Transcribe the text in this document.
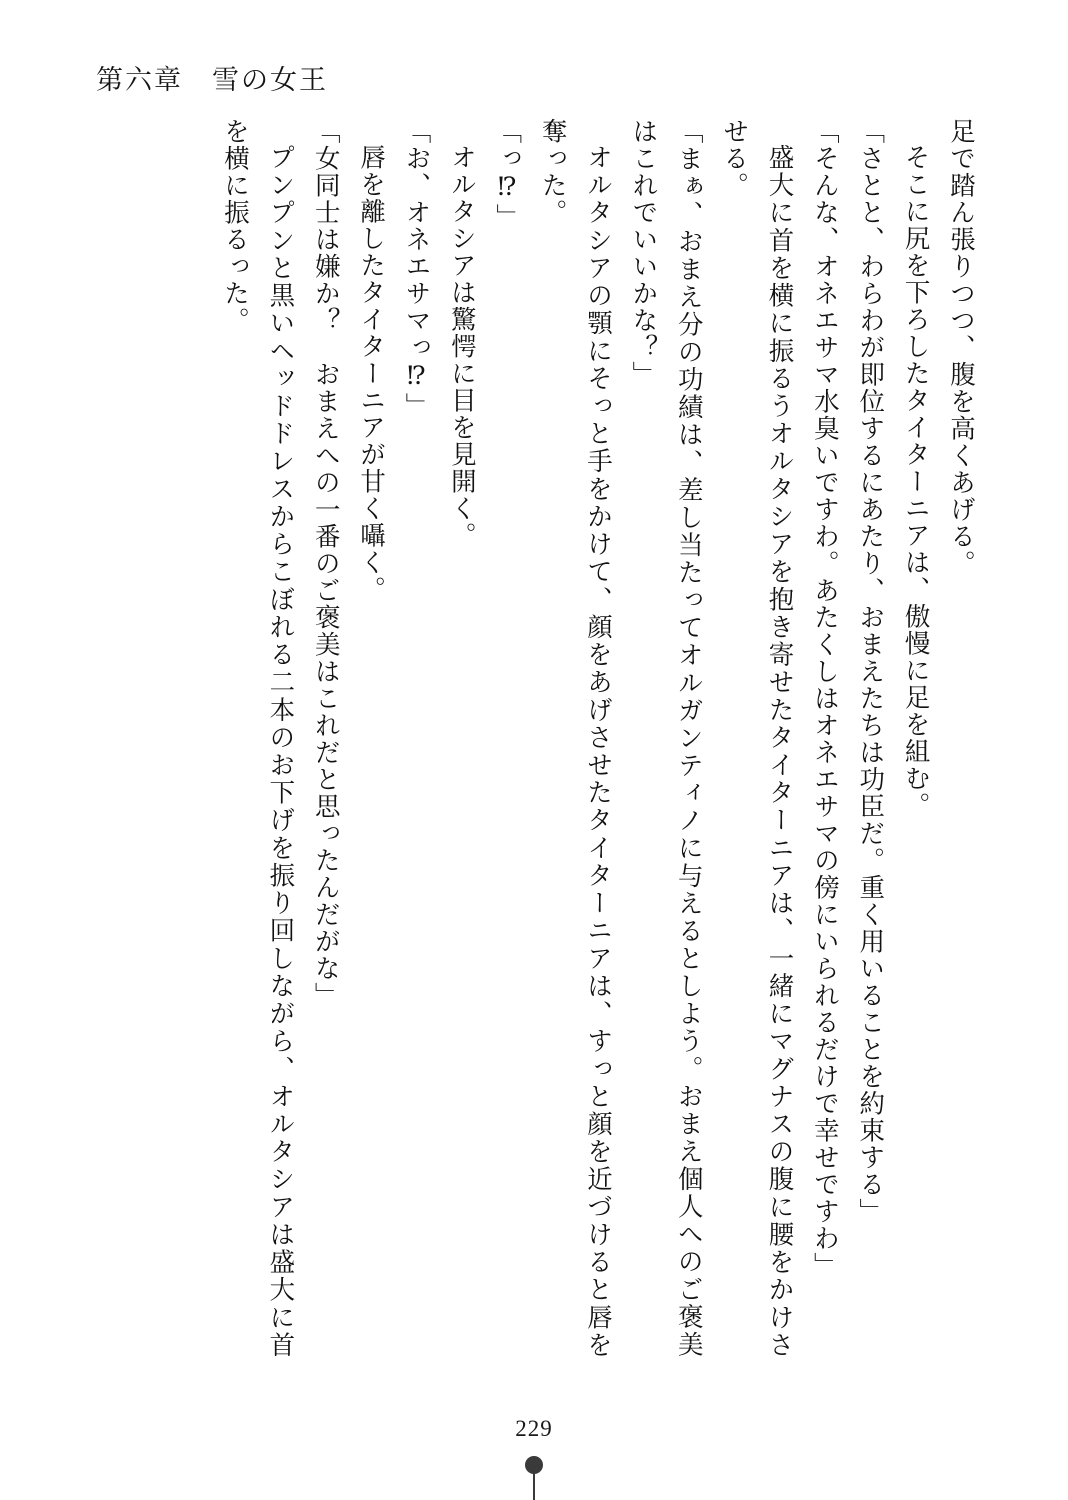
第六章　雪の女王

足で踏ん張りつつ、腹を高くあげる。

そこに尻を下ろしたタイターニアは、傲慢に足を組む。

「さとと、わらわが即位するにあたり、おまえたちは功臣だ。重く用いることを約束する」

「そんな、オネエサマ水臭いですわ。あたくしはオネエサマの傍にいられるだけで幸せですわ」

盛大に首を横に振るうオルタシアを抱き寄せたタイターニアは、一緒にマグナスの腹に腰をかけさせる。

「まぁ、おまえ分の功績は、差し当たってオルガンティノに与えるとしよう。おまえ個人へのご褒美はこれでいいかな？」

オルタシアの顎にそっと手をかけて、顔をあげさせたタイターニアは、すっと顔を近づけると唇を奪った。

「っ⁉」

オルタシアは驚愕に目を見開く。

「お、オネエサマっ⁉」

唇を離したタイターニアが甘く囁く。

「女同士は嫌か？　おまえへの一番のご褒美はこれだと思ったんだがな」

プンプンと黒いヘッドドレスからこぼれる二本のお下げを振り回しながら、オルタシアは盛大に首を横に振るった。

229
